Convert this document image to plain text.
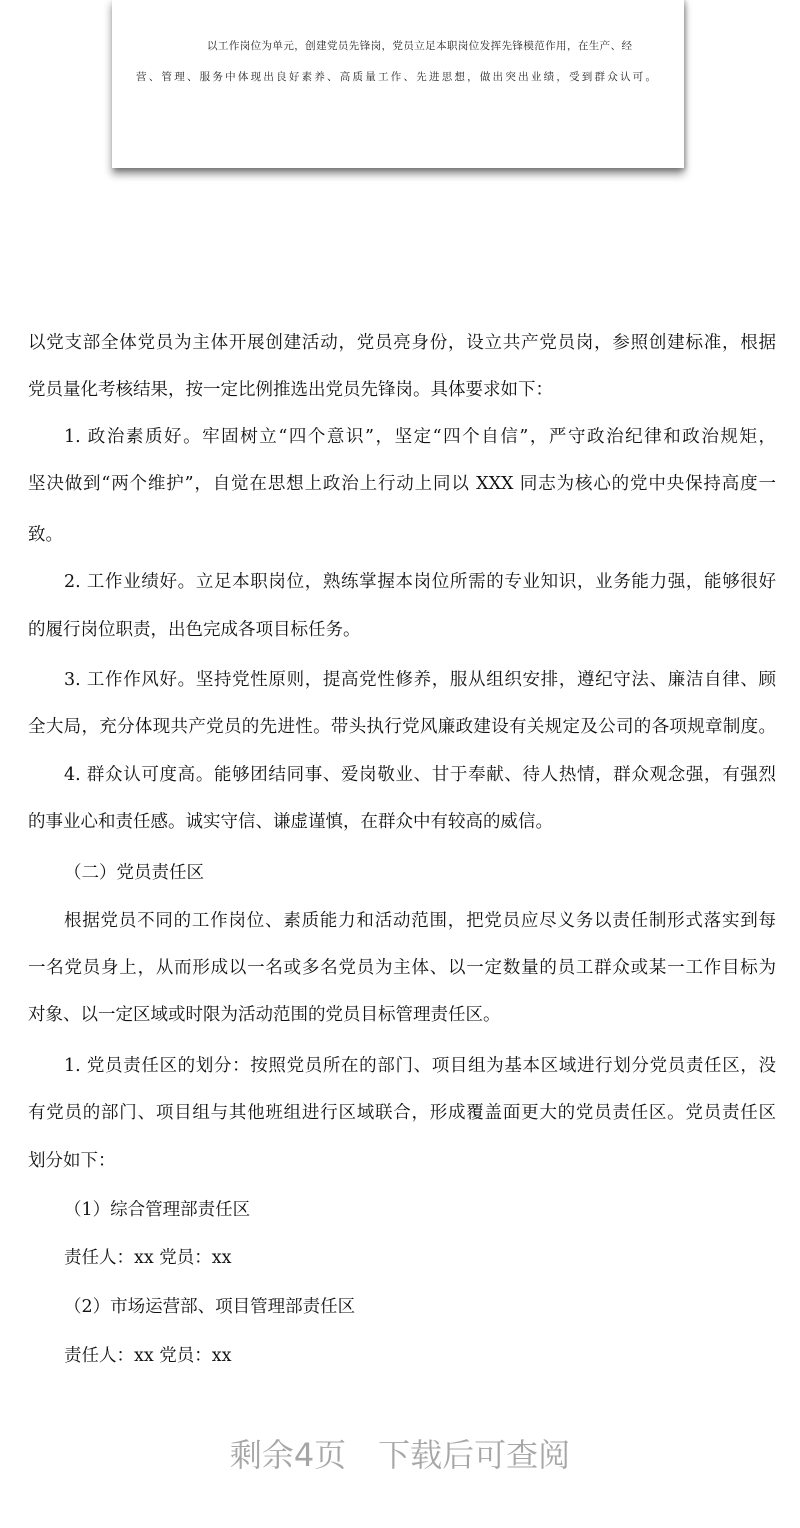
以工作岗位为单元，创建党员先锋岗，党员立足本职岗位发挥先锋模范作用，在生产、经
营、管理、服务中体现出良好素养、高质量工作、先进思想，做出突出业绩，受到群众认可。
以党支部全体党员为主体开展创建活动，党员亮身份，设立共产党员岗，参照创建标准，根据
党员量化考核结果，按一定比例推选出党员先锋岗。具体要求如下：
1. 政治素质好。牢固树立“四个意识”，坚定“四个自信”，严守政治纪律和政治规矩，
坚决做到“两个维护”，自觉在思想上政治上行动上同以 XXX 同志为核心的党中央保持高度一
致。
2. 工作业绩好。立足本职岗位，熟练掌握本岗位所需的专业知识，业务能力强，能够很好
的履行岗位职责，出色完成各项目标任务。
3. 工作作风好。坚持党性原则，提高党性修养，服从组织安排，遵纪守法、廉洁自律、顾
全大局，充分体现共产党员的先进性。带头执行党风廉政建设有关规定及公司的各项规章制度。
4. 群众认可度高。能够团结同事、爱岗敬业、甘于奉献、待人热情，群众观念强，有强烈
的事业心和责任感。诚实守信、谦虚谨慎，在群众中有较高的威信。
（二）党员责任区
根据党员不同的工作岗位、素质能力和活动范围，把党员应尽义务以责任制形式落实到每
一名党员身上，从而形成以一名或多名党员为主体、以一定数量的员工群众或某一工作目标为
对象、以一定区域或时限为活动范围的党员目标管理责任区。
1. 党员责任区的划分：按照党员所在的部门、项目组为基本区域进行划分党员责任区，没
有党员的部门、项目组与其他班组进行区域联合，形成覆盖面更大的党员责任区。党员责任区
划分如下：
（1）综合管理部责任区
责任人：xx 党员：xx
（2）市场运营部、项目管理部责任区
责任人：xx 党员：xx
剩余4页　下载后可查阅
